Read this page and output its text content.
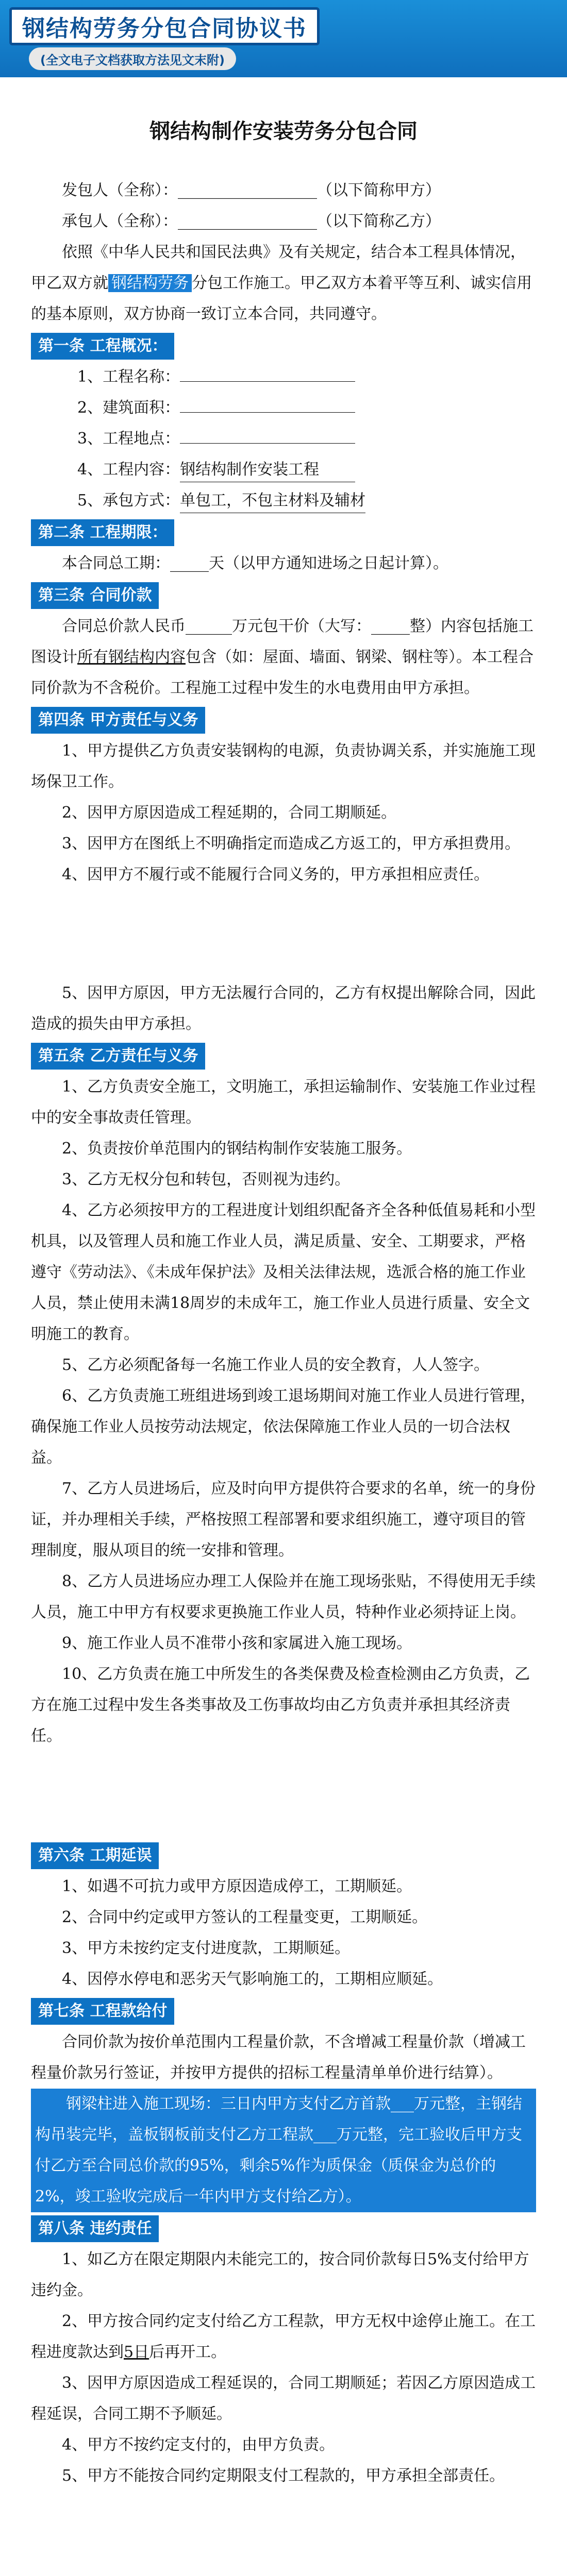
钢结构劳务分包合同协议书
(全文电子文档获取方法见文末附)
钢结构制作安装劳务分包合同

发包人（全称）：__________________（以下简称甲方）

承包人（全称）：__________________（以下简称乙方）

依照《中华人民共和国民法典》及有关规定，结合本工程具体情况，甲乙双方就 钢结构劳务 分包工作施工。甲乙双方本着平等互利、诚实信用的基本原则，双方协商一致订立本合同，共同遵守。

第一条 工程概况：

1、工程名称：

2、建筑面积：

3、工程地点：

4、工程内容：钢结构制作安装工程

5、承包方式：单包工，不包主材料及辅材

第二条 工程期限：

本合同总工期：_____天（以甲方通知进场之日起计算）。

第三条 合同价款

合同总价款人民币______万元包干价（大写：_____整）内容包括施工图设计所有钢结构内容包含（如：屋面、墙面、钢梁、钢柱等）。本工程合同价款为不含税价。工程施工过程中发生的水电费用由甲方承担。

第四条 甲方责任与义务

1、甲方提供乙方负责安装钢构的电源，负责协调关系，并实施施工现场保卫工作。

2、因甲方原因造成工程延期的，合同工期顺延。

3、因甲方在图纸上不明确指定而造成乙方返工的，甲方承担费用。

4、因甲方不履行或不能履行合同义务的，甲方承担相应责任。

5、因甲方原因，甲方无法履行合同的，乙方有权提出解除合同，因此造成的损失由甲方承担。

第五条 乙方责任与义务

1、乙方负责安全施工，文明施工，承担运输制作、安装施工作业过程中的安全事故责任管理。

2、负责按价单范围内的钢结构制作安装施工服务。

3、乙方无权分包和转包，否则视为违约。

4、乙方必须按甲方的工程进度计划组织配备齐全各种低值易耗和小型机具，以及管理人员和施工作业人员，满足质量、安全、工期要求，严格遵守《劳动法》、《未成年保护法》及相关法律法规，选派合格的施工作业人员，禁止使用未满18周岁的未成年工，施工作业人员进行质量、安全文明施工的教育。

5、乙方必须配备每一名施工作业人员的安全教育，人人签字。

6、乙方负责施工班组进场到竣工退场期间对施工作业人员进行管理，确保施工作业人员按劳动法规定，依法保障施工作业人员的一切合法权益。

7、乙方人员进场后，应及时向甲方提供符合要求的名单，统一的身份证，并办理相关手续，严格按照工程部署和要求组织施工，遵守项目的管理制度，服从项目的统一安排和管理。

8、乙方人员进场应办理工人保险并在施工现场张贴，不得使用无手续人员，施工中甲方有权要求更换施工作业人员，特种作业必须持证上岗。

9、施工作业人员不准带小孩和家属进入施工现场。

10、乙方负责在施工中所发生的各类保费及检查检测由乙方负责，乙方在施工过程中发生各类事故及工伤事故均由乙方负责并承担其经济责任。

第六条 工期延误

1、如遇不可抗力或甲方原因造成停工，工期顺延。

2、合同中约定或甲方签认的工程量变更，工期顺延。

3、甲方未按约定支付进度款，工期顺延。

4、因停水停电和恶劣天气影响施工的，工期相应顺延。

第七条 工程款给付

合同价款为按价单范围内工程量价款，不含增减工程量价款（增减工程量价款另行签证，并按甲方提供的招标工程量清单单价进行结算）。

钢梁柱进入施工现场：三日内甲方支付乙方首款___万元整，主钢结构吊装完毕，盖板钢板前支付乙方工程款___万元整，完工验收后甲方支付乙方至合同总价款的95%，剩余5%作为质保金（质保金为总价的2%，竣工验收完成后一年内甲方支付给乙方）。

第八条 违约责任

1、如乙方在限定期限内未能完工的，按合同价款每日5%支付给甲方违约金。

2、甲方按合同约定支付给乙方工程款，甲方无权中途停止施工。在工程进度款达到5日后再开工。

3、因甲方原因造成工程延误的，合同工期顺延；若因乙方原因造成工程延误，合同工期不予顺延。

4、甲方不按约定支付的，由甲方负责。

5、甲方不能按合同约定期限支付工程款的，甲方承担全部责任。
